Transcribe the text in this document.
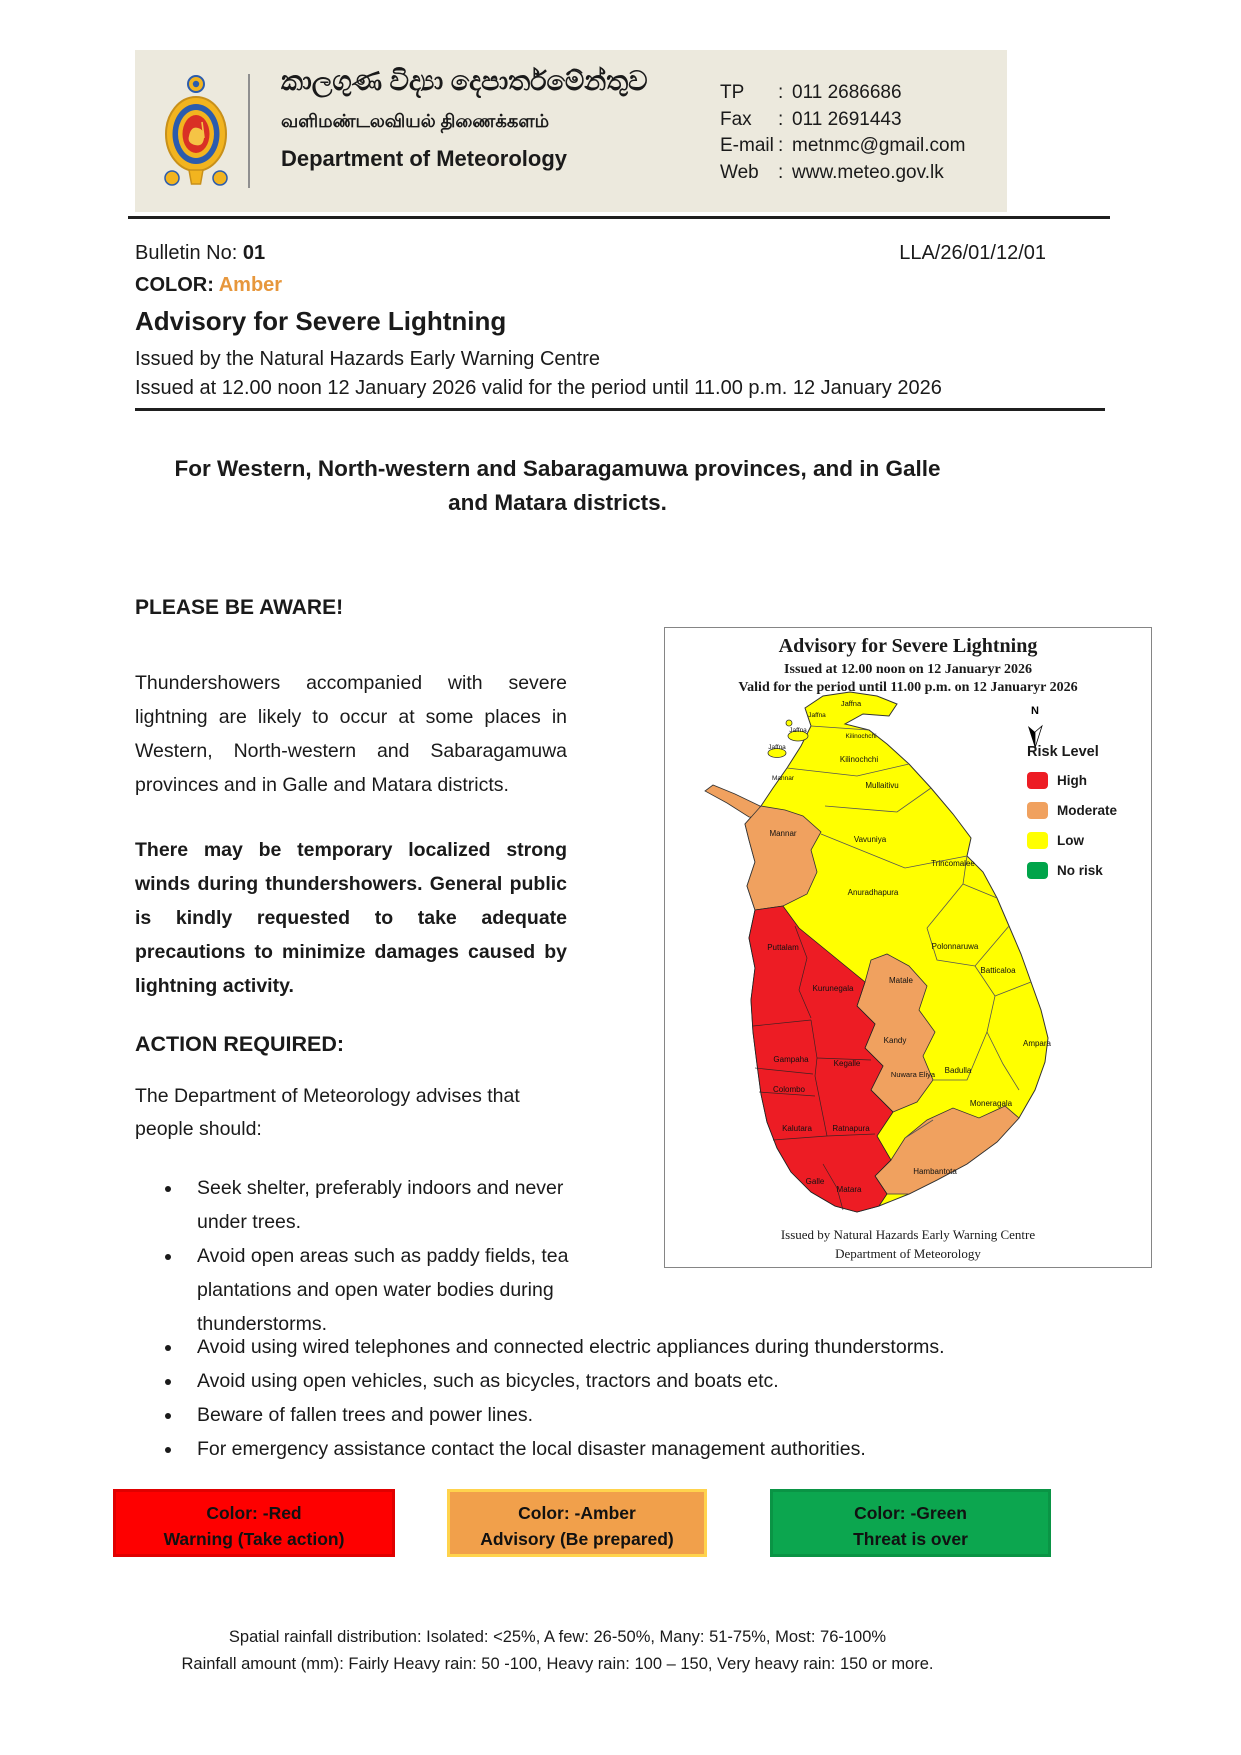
කාලගුණ විද්‍යා දෙපාර්තමේන්තුව
வளிமண்டலவியல் திணைக்களம்
Department of Meteorology
TP	: 011 2686686
Fax	: 011 2691443
E-mail : metnmc@gmail.com
Web	: www.meteo.gov.lk
Bulletin No: 01	LLA/26/01/12/01
COLOR: Amber
Advisory for Severe Lightning
Issued by the Natural Hazards Early Warning Centre
Issued at 12.00 noon 12 January 2026 valid for the period until 11.00 p.m. 12 January 2026
For Western, North-western and Sabaragamuwa provinces, and in Galle
and Matara districts.
PLEASE BE AWARE!
Thundershowers accompanied with severe lightning are likely to occur at some places in Western, North-western and Sabaragamuwa provinces and in Galle and Matara districts.
There may be temporary localized strong winds during thundershowers. General public is kindly requested to take adequate precautions to minimize damages caused by lightning activity.
ACTION REQUIRED:
The Department of Meteorology advises that people should:
• Seek shelter, preferably indoors and never under trees.
• Avoid open areas such as paddy fields, tea plantations and open water bodies during thunderstorms.
• Avoid using wired telephones and connected electric appliances during thunderstorms.
• Avoid using open vehicles, such as bicycles, tractors and boats etc.
• Beware of fallen trees and power lines.
• For emergency assistance contact the local disaster management authorities.
N
Jaffna
Jaffna
Jaffna
Jaffna
Kilinochchi
Kilinochchi
Mullaitivu
Mannar
Mannar
Vavuniya
Trincomalee
Anuradhapura
Polonnaruwa
Batticaloa
Matale
Puttalam
Kurunegala
Kandy	Ampara
Nuwara Eliya Badulla
Moneragala
Gampaha	Kegalle
Colombo
Kalutara	Ratnapura
Galle
Matara
Hambantota
Advisory for Severe Lightning
Issued at 12.00 noon on 12 Januaryr 2026
Valid for the period until 11.00 p.m. on 12 Januaryr 2026
Risk Level
High
Moderate
Low
No risk
Issued by Natural Hazards Early Warning Centre
Department of Meteorology
Color: -Red
Warning (Take action)
Color: -Amber
Advisory (Be prepared)
Color: -Green
Threat is over
Spatial rainfall distribution: Isolated: <25%, A few: 26-50%, Many: 51-75%, Most: 76-100%
Rainfall amount (mm): Fairly Heavy rain: 50 -100, Heavy rain: 100 – 150, Very heavy rain: 150 or more.
